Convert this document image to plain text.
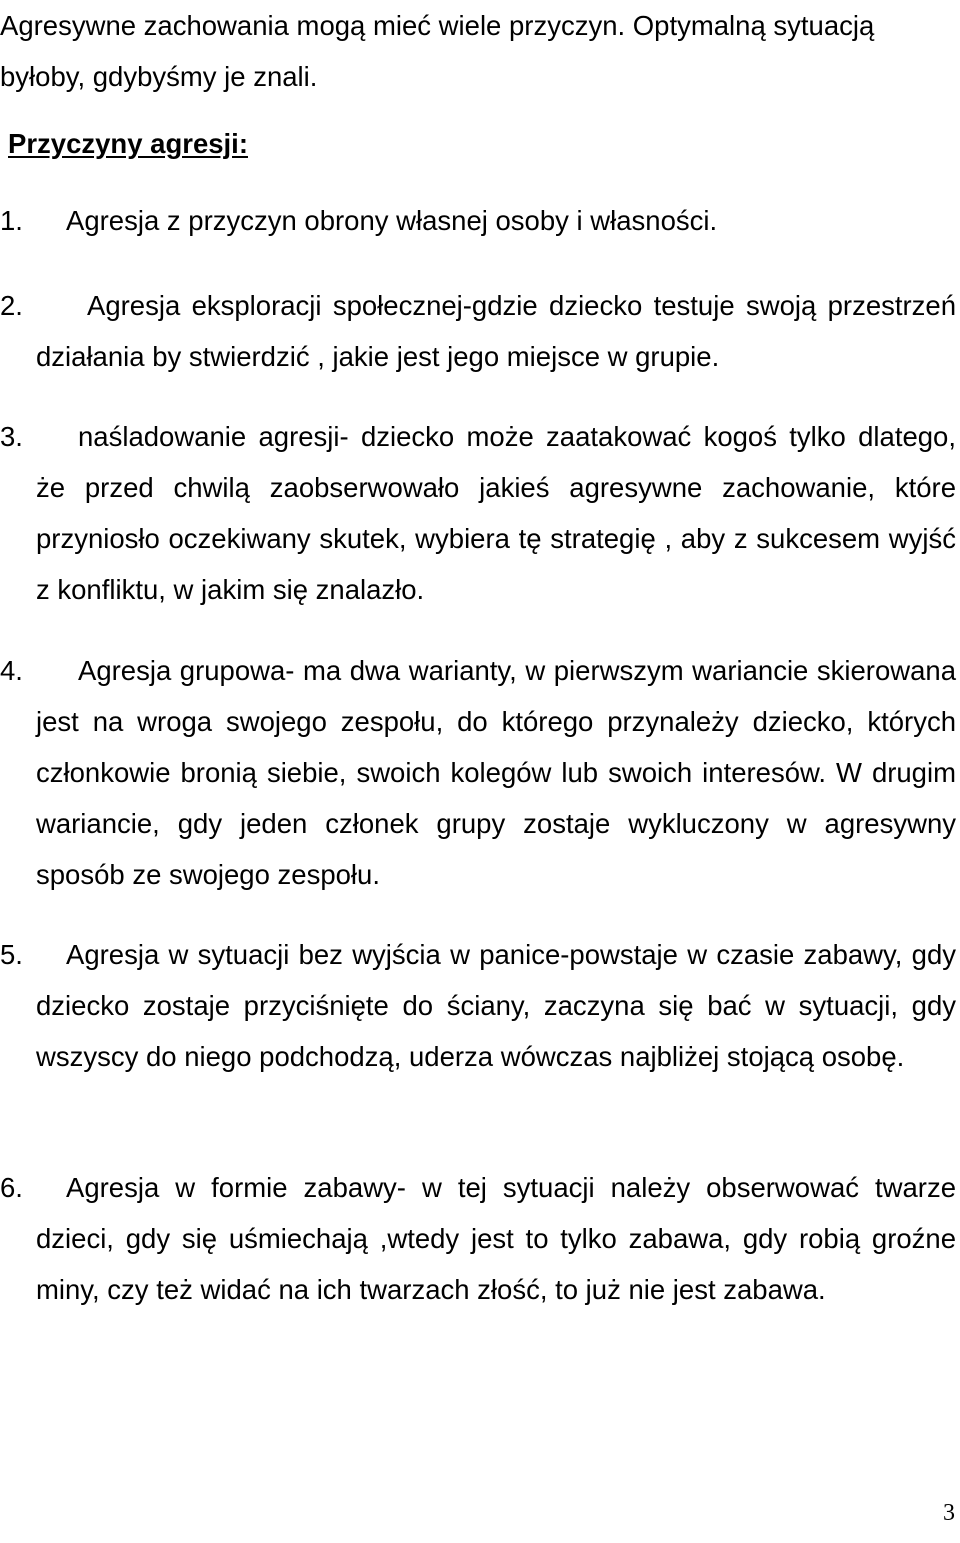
Agresywne zachowania mogą mieć wiele przyczyn. Optymalną sytuacją byłoby, gdybyśmy je znali.

Przyczyny agresji:
1.	Agresja z przyczyn obrony własnej osoby i własności.

2.	Agresja eksploracji społecznej-gdzie dziecko testuje swoją przestrzeń działania by stwierdzić , jakie jest jego miejsce w grupie.

3.	naśladowanie agresji- dziecko może zaatakować kogoś tylko dlatego, że przed chwilą zaobserwowało jakieś agresywne zachowanie, które przyniosło oczekiwany skutek, wybiera tę strategię , aby z sukcesem wyjść z konfliktu, w jakim się znalazło.

4.	Agresja grupowa- ma dwa warianty, w pierwszym wariancie skierowana jest na wroga swojego zespołu, do którego przynależy dziecko, których członkowie bronią siebie, swoich kolegów lub swoich interesów. W drugim wariancie, gdy jeden członek grupy zostaje wykluczony w agresywny sposób ze swojego zespołu.

5.	Agresja w sytuacji bez wyjścia w panice-powstaje w czasie zabawy, gdy dziecko zostaje przyciśnięte do ściany, zaczyna się bać w sytuacji, gdy wszyscy do niego podchodzą, uderza wówczas najbliżej stojącą osobę.

6.	Agresja w formie zabawy- w tej sytuacji należy obserwować twarze dzieci, gdy się uśmiechają ,wtedy jest to tylko zabawa, gdy robią groźne miny, czy też widać na ich twarzach złość, to już nie jest zabawa.

3
